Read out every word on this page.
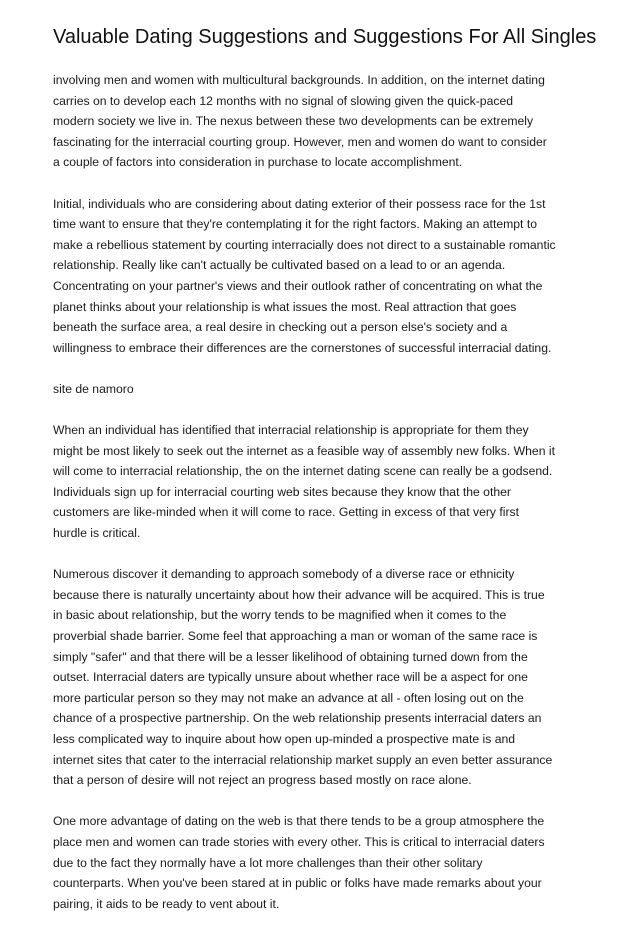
Valuable Dating Suggestions and Suggestions For All Singles

involving men and women with multicultural backgrounds. In addition, on the internet dating
carries on to develop each 12 months with no signal of slowing given the quick-paced
modern society we live in. The nexus between these two developments can be extremely
fascinating for the interracial courting group. However, men and women do want to consider
a couple of factors into consideration in purchase to locate accomplishment.

Initial, individuals who are considering about dating exterior of their possess race for the 1st
time want to ensure that they're contemplating it for the right factors. Making an attempt to
make a rebellious statement by courting interracially does not direct to a sustainable romantic
relationship. Really like can't actually be cultivated based on a lead to or an agenda.
Concentrating on your partner's views and their outlook rather of concentrating on what the
planet thinks about your relationship is what issues the most. Real attraction that goes
beneath the surface area, a real desire in checking out a person else's society and a
willingness to embrace their differences are the cornerstones of successful interracial dating.

site de namoro

When an individual has identified that interracial relationship is appropriate for them they
might be most likely to seek out the internet as a feasible way of assembly new folks. When it
will come to interracial relationship, the on the internet dating scene can really be a godsend.
Individuals sign up for interracial courting web sites because they know that the other
customers are like-minded when it will come to race. Getting in excess of that very first
hurdle is critical.

Numerous discover it demanding to approach somebody of a diverse race or ethnicity
because there is naturally uncertainty about how their advance will be acquired. This is true
in basic about relationship, but the worry tends to be magnified when it comes to the
proverbial shade barrier. Some feel that approaching a man or woman of the same race is
simply "safer" and that there will be a lesser likelihood of obtaining turned down from the
outset. Interracial daters are typically unsure about whether race will be a aspect for one
more particular person so they may not make an advance at all - often losing out on the
chance of a prospective partnership. On the web relationship presents interracial daters an
less complicated way to inquire about how open up-minded a prospective mate is and
internet sites that cater to the interracial relationship market supply an even better assurance
that a person of desire will not reject an progress based mostly on race alone.

One more advantage of dating on the web is that there tends to be a group atmosphere the
place men and women can trade stories with every other. This is critical to interracial daters
due to the fact they normally have a lot more challenges than their other solitary
counterparts. When you've been stared at in public or folks have made remarks about your
pairing, it aids to be ready to vent about it.
